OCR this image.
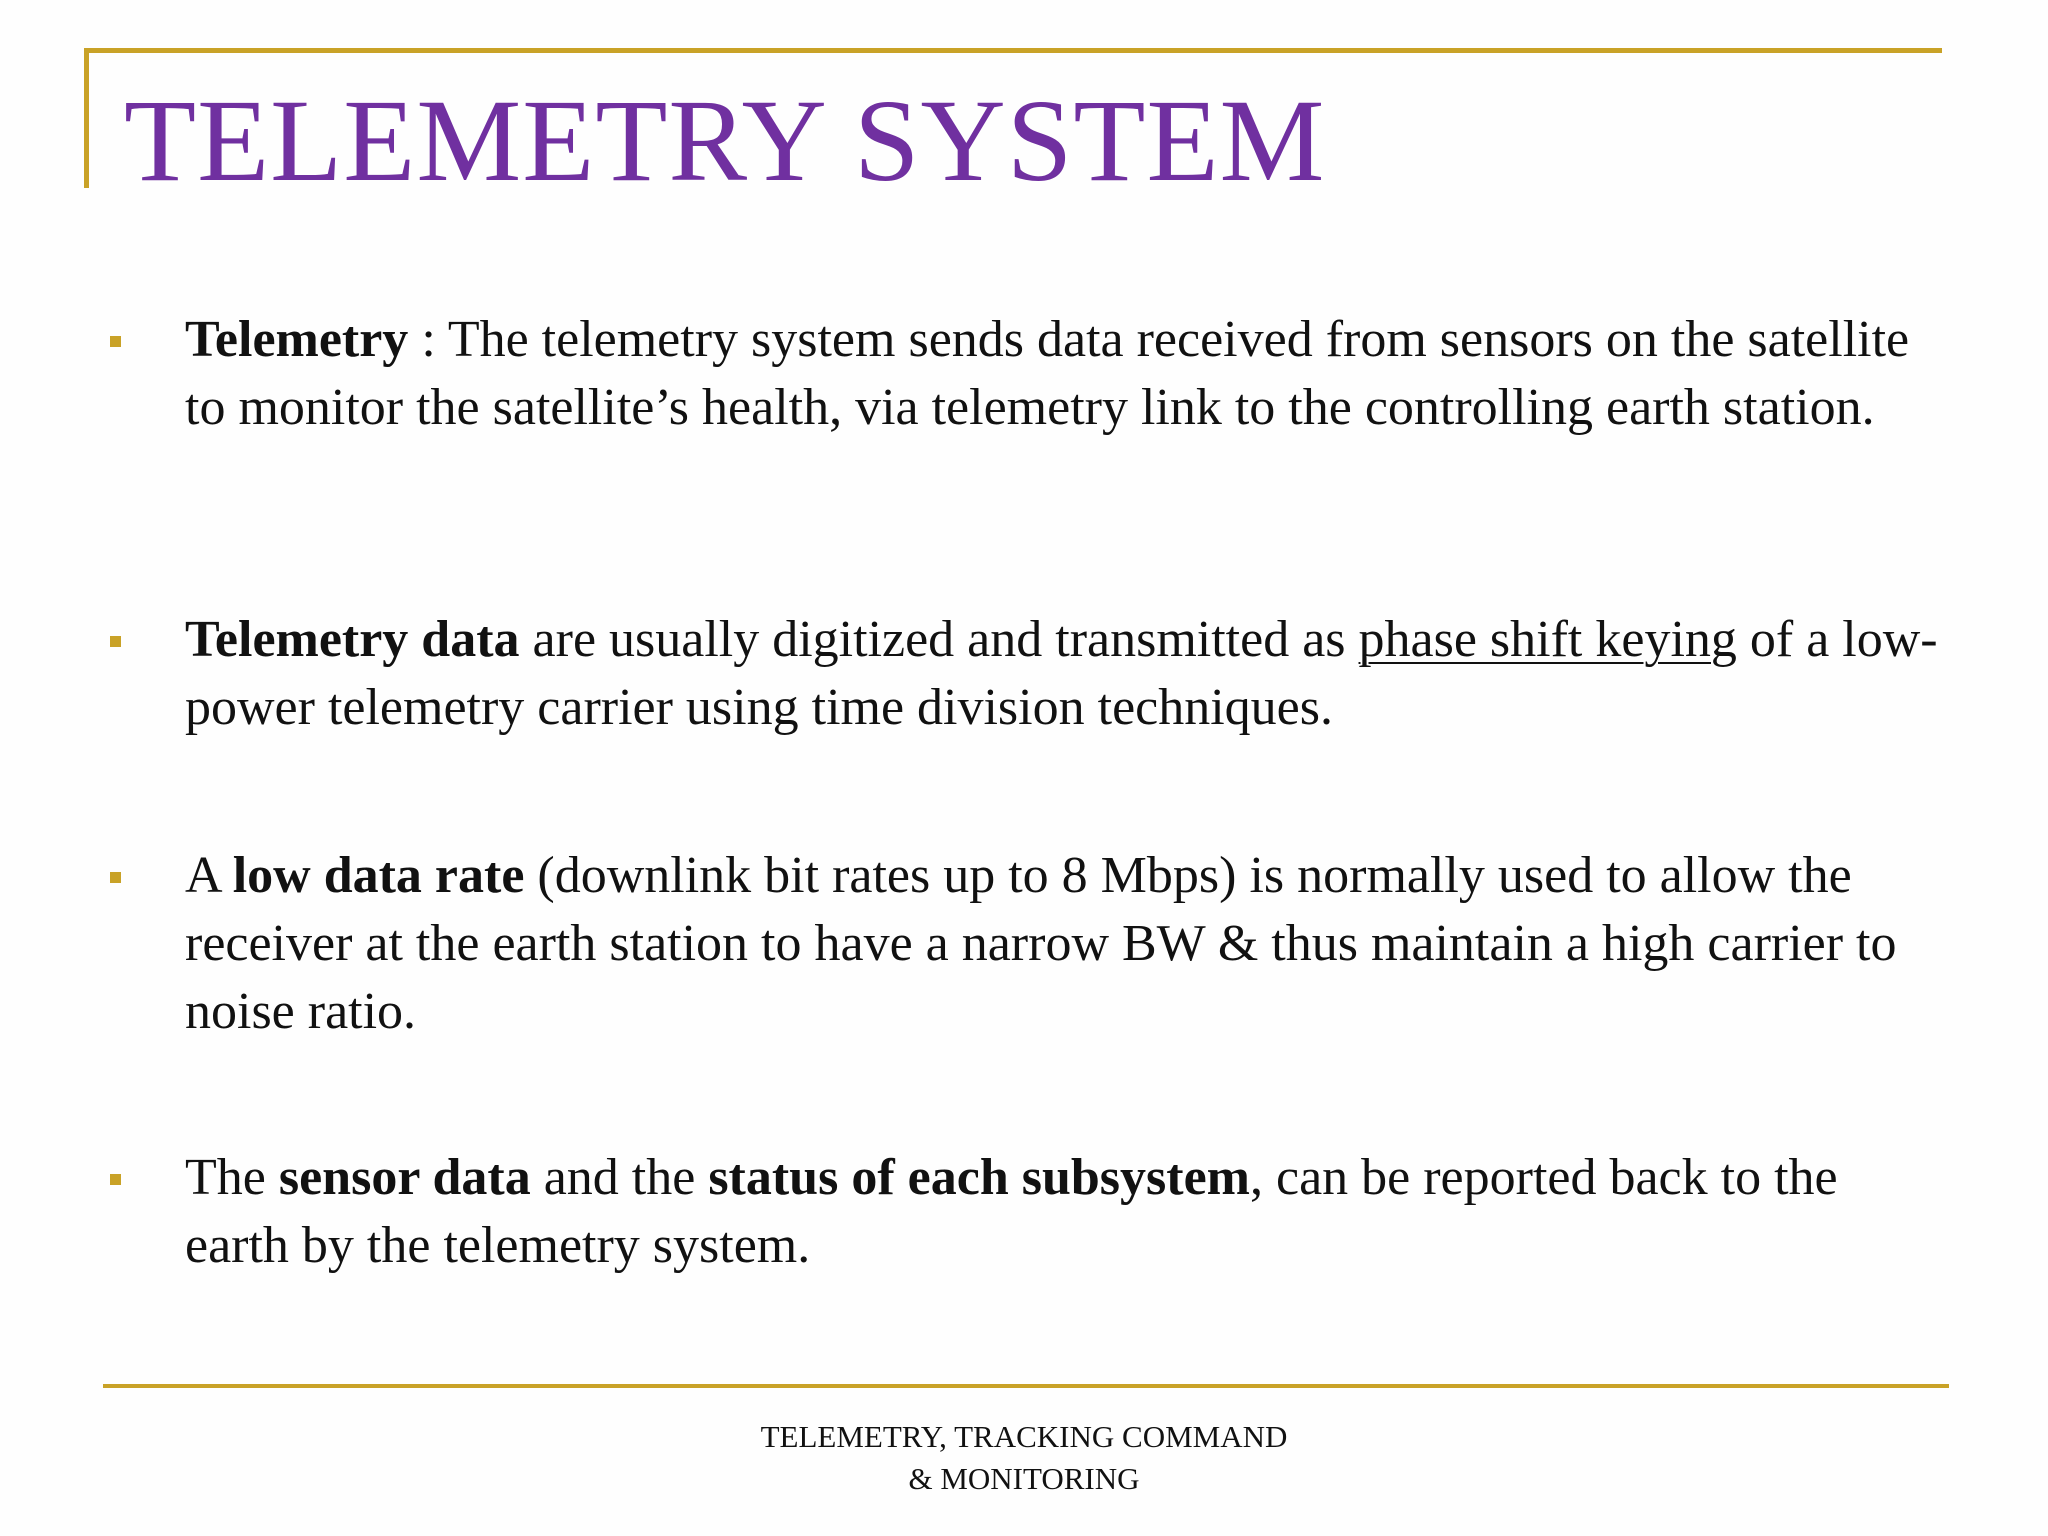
TELEMETRY SYSTEM

Telemetry : The telemetry system sends data received from sensors on the satellite to monitor the satellite’s health, via telemetry link to the controlling earth station.

Telemetry data are usually digitized and transmitted as phase shift keying of a low-power telemetry carrier using time division techniques.

A low data rate (downlink bit rates up to 8 Mbps) is normally used to allow the receiver at the earth station to have a narrow BW & thus maintain a high carrier to noise ratio.

The sensor data and the status of each subsystem, can be reported back to the earth by the telemetry system.

TELEMETRY, TRACKING COMMAND
& MONITORING
